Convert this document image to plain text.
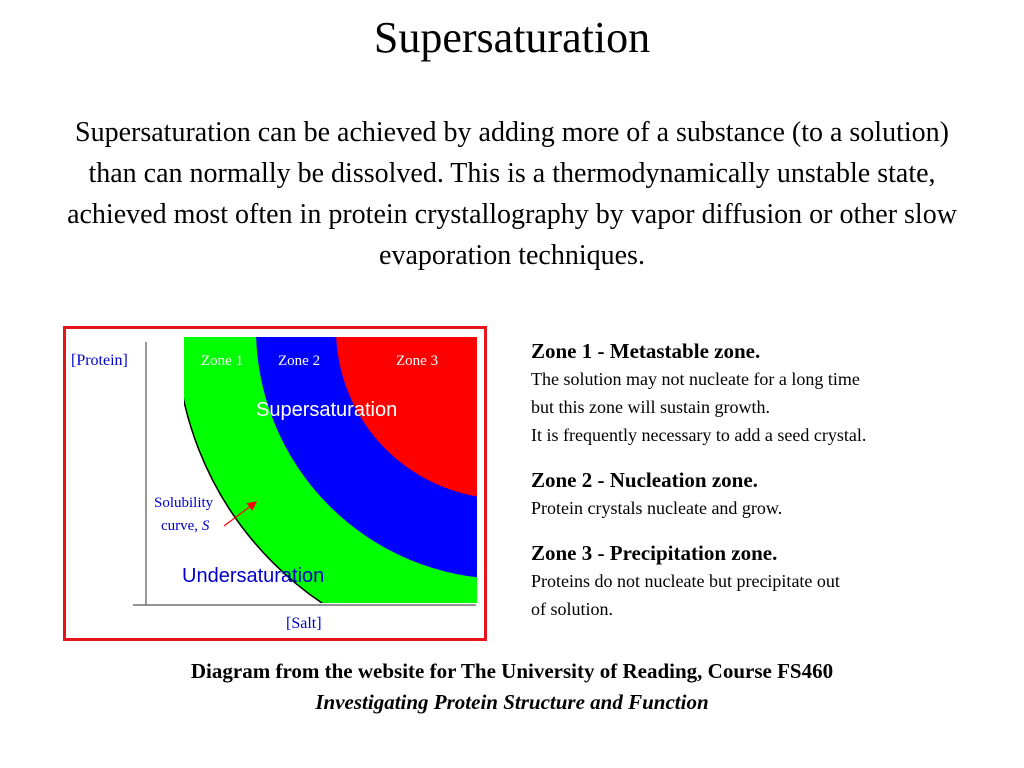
Supersaturation
Supersaturation can be achieved by adding more of a substance (to a solution) than can normally be dissolved. This is a thermodynamically unstable state, achieved most often in protein crystallography by vapor diffusion or other slow evaporation techniques.
[Protein]
[Salt]
Zone 1 Zone 2	Zone 3
Supersaturation
Undersaturation
Solubility curve, S
Zone 1 - Metastable zone.
The solution may not nucleate for a long time
but this zone will sustain growth.
It is frequently necessary to add a seed crystal.
Zone 2 - Nucleation zone.
Protein crystals nucleate and grow.
Zone 3 - Precipitation zone.
Proteins do not nucleate but precipitate out
of solution.
Diagram from the website for The University of Reading, Course FS460
Investigating Protein Structure and Function
